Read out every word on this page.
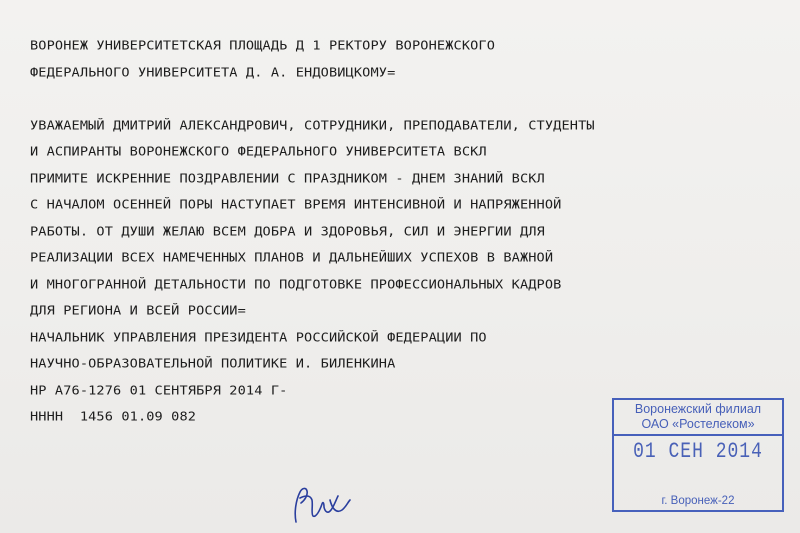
ВОРОНЕЖ УНИВЕРСИТЕТСКАЯ ПЛОЩАДЬ Д 1 РЕКТОРУ ВОРОНЕЖСКОГО
ФЕДЕРАЛЬНОГО УНИВЕРСИТЕТА Д. А. ЕНДОВИЦКОМУ=
УВАЖАЕМЫЙ ДМИТРИЙ АЛЕКСАНДРОВИЧ, СОТРУДНИКИ, ПРЕПОДАВАТЕЛИ, СТУДЕНТЫ
И АСПИРАНТЫ ВОРОНЕЖСКОГО ФЕДЕРАЛЬНОГО УНИВЕРСИТЕТА ВСКЛ
ПРИМИТЕ ИСКРЕННИЕ ПОЗДРАВЛЕНИИ С ПРАЗДНИКОМ - ДНЕМ ЗНАНИЙ ВСКЛ
С НАЧАЛОМ ОСЕННЕЙ ПОРЫ НАСТУПАЕТ ВРЕМЯ ИНТЕНСИВНОЙ И НАПРЯЖЕННОЙ
РАБОТЫ. ОТ ДУШИ ЖЕЛАЮ ВСЕМ ДОБРА И ЗДОРОВЬЯ, СИЛ И ЭНЕРГИИ ДЛЯ
РЕАЛИЗАЦИИ ВСЕХ НАМЕЧЕННЫХ ПЛАНОВ И ДАЛЬНЕЙШИХ УСПЕХОВ В ВАЖНОЙ
И МНОГОГРАННОЙ ДЕТАЛЬНОСТИ ПО ПОДГОТОВКЕ ПРОФЕССИОНАЛЬНЫХ КАДРОВ
ДЛЯ РЕГИОНА И ВСЕЙ РОССИИ=
НАЧАЛЬНИК УПРАВЛЕНИЯ ПРЕЗИДЕНТА РОССИЙСКОЙ ФЕДЕРАЦИИ ПО
НАУЧНО-ОБРАЗОВАТЕЛЬНОЙ ПОЛИТИКЕ И. БИЛЕНКИНА
НР А76-1276 01 СЕНТЯБРЯ 2014 Г-
НННН  1456 01.09 082
Воронежский филиал
ОАО «Ростелеком»
01 СЕН 2014
г. Воронеж-22
